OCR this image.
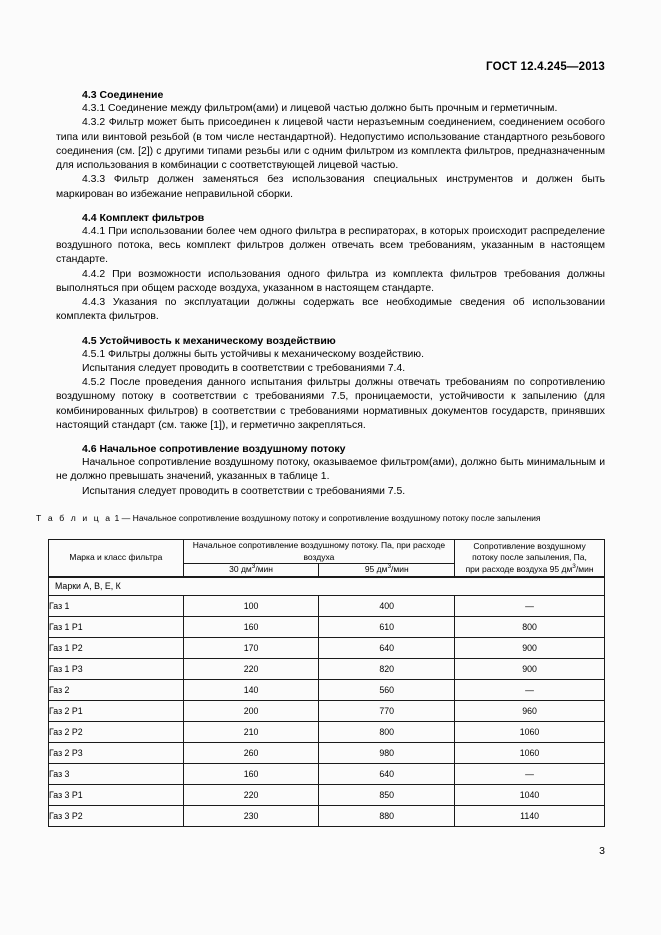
ГОСТ 12.4.245—2013
4.3 Соединение

4.3.1 Соединение между фильтром(ами) и лицевой частью должно быть прочным и герметичным.

4.3.2 Фильтр может быть присоединен к лицевой части неразъемным соединением, соединением особого типа или винтовой резьбой (в том числе нестандартной). Недопустимо использование стандартного резьбового соединения (см. [2]) с другими типами резьбы или с одним фильтром из комплекта фильтров, предназначенным для использования в комбинации с соответствующей лицевой частью.

4.3.3 Фильтр должен заменяться без использования специальных инструментов и должен быть маркирован во избежание неправильной сборки.

4.4 Комплект фильтров

4.4.1 При использовании более чем одного фильтра в респираторах, в которых происходит распределение воздушного потока, весь комплект фильтров должен отвечать всем требованиям, указанным в настоящем стандарте.

4.4.2 При возможности использования одного фильтра из комплекта фильтров требования должны выполняться при общем расходе воздуха, указанном в настоящем стандарте.

4.4.3 Указания по эксплуатации должны содержать все необходимые сведения об использовании комплекта фильтров.

4.5 Устойчивость к механическому воздействию

4.5.1 Фильтры должны быть устойчивы к механическому воздействию.

Испытания следует проводить в соответствии с требованиями 7.4.

4.5.2 После проведения данного испытания фильтры должны отвечать требованиям по сопротивлению воздушному потоку в соответствии с требованиями 7.5, проницаемости, устойчивости к запылению (для комбинированных фильтров) в соответствии с требованиями нормативных документов государств, принявших настоящий стандарт (см. также [1]), и герметично закрепляться.

4.6 Начальное сопротивление воздушному потоку

Начальное сопротивление воздушному потоку, оказываемое фильтром(ами), должно быть минимальным и не должно превышать значений, указанных в таблице 1.

Испытания следует проводить в соответствии с требованиями 7.5.

Т а б л и ц а 1 — Начальное сопротивление воздушному потоку и сопротивление воздушному потоку после запыления
Марка и класс фильтра	Начальное сопротивление воздушному потоку. Па, при расходе воздуха		Сопротивление воздушному
потоку после запыления, Па,
при расходе воздуха 95 $дм^3$/мин
	30 $дм^3$/мин	95 $дм^3$/мин	
Марки А, В, Е, К			
Газ 1	100	400	—
Газ 1 Р1	160	610	800
Газ 1 Р2	170	640	900
Газ 1 Р3	220	820	900
Газ 2	140	560	—
Газ 2 Р1	200	770	960
Газ 2 Р2	210	800	1060
Газ 2 Р3	260	980	1060
Газ 3	160	640	—
Газ 3 Р1	220	850	1040
Газ 3 Р2	230	880	1140
3
